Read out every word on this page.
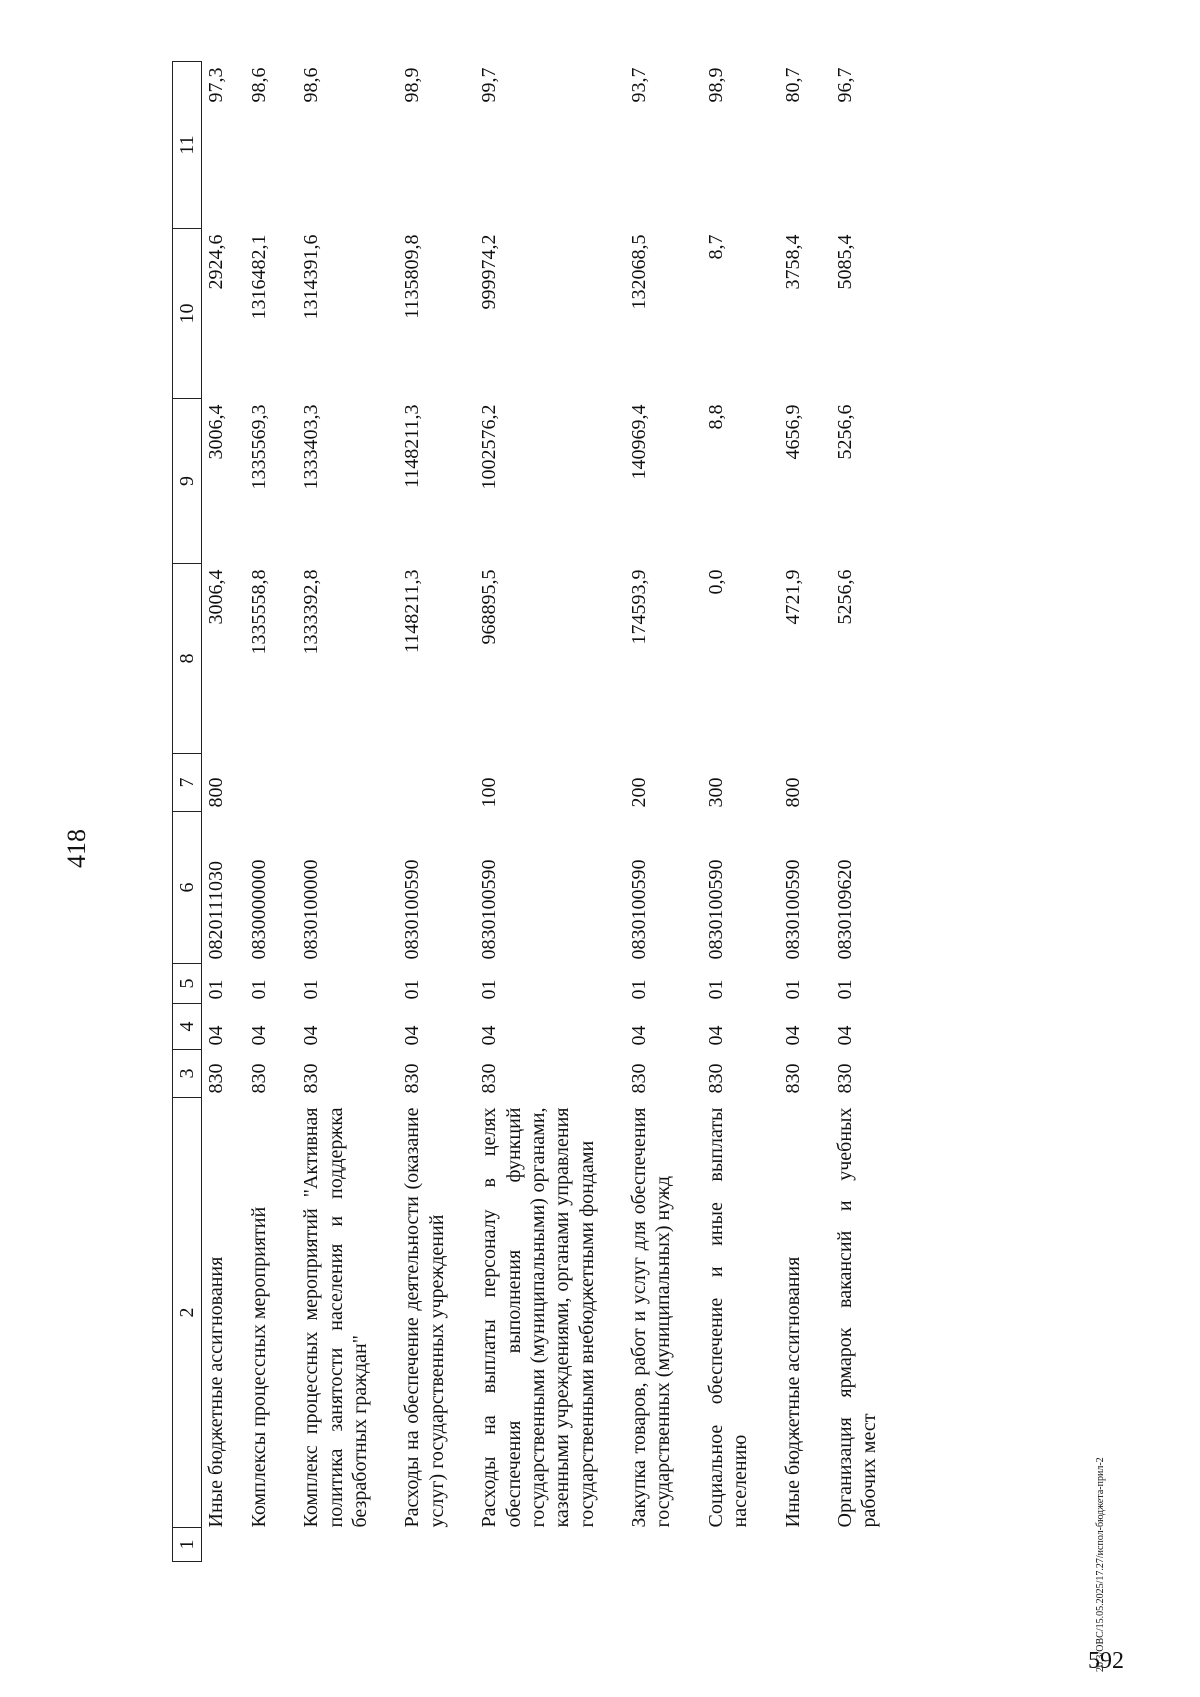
418
1	2	3	4	5	6	7	8	9	10	11
	Иные бюджетные ассигнования	830	04	01	0820111030	800	3006,4	3006,4	2924,6	97,3
	Комплексы процессных мероприятий	830	04	01	0830000000		1335558,8	1335569,3	1316482,1	98,6
	Комплекс процессных мероприятий "Активная политика занятости населения и поддержка безработных граждан"	830	04	01	0830100000		1333392,8	1333403,3	1314391,6	98,6
	Расходы на обеспечение деятельности (оказание услуг) государственных учреждений	830	04	01	0830100590		1148211,3	1148211,3	1135809,8	98,9
	Расходы на выплаты персоналу в целях обеспечения выполнения функций государственными (муниципальными) органами, казенными учреждениями, органами управления государственными внебюджетными фондами	830	04	01	0830100590	100	968895,5	1002576,2	999974,2	99,7
	Закупка товаров, работ и услуг для обеспечения государственных (муниципальных) нужд	830	04	01	0830100590	200	174593,9	140969,4	132068,5	93,7
	Социальное обеспечение и иные выплаты населению	830	04	01	0830100590	300	0,0	8,8	8,7	98,9
	Иные бюджетные ассигнования	830	04	01	0830100590	800	4721,9	4656,9	3758,4	80,7
	Организация ярмарок вакансий и учебных рабочих мест	830	04	01	0830109620		5256,6	5256,6	5085,4	96,7
20.3/ОВС/15.05.2025/17.27/испол-бюджета-прил-2
592
